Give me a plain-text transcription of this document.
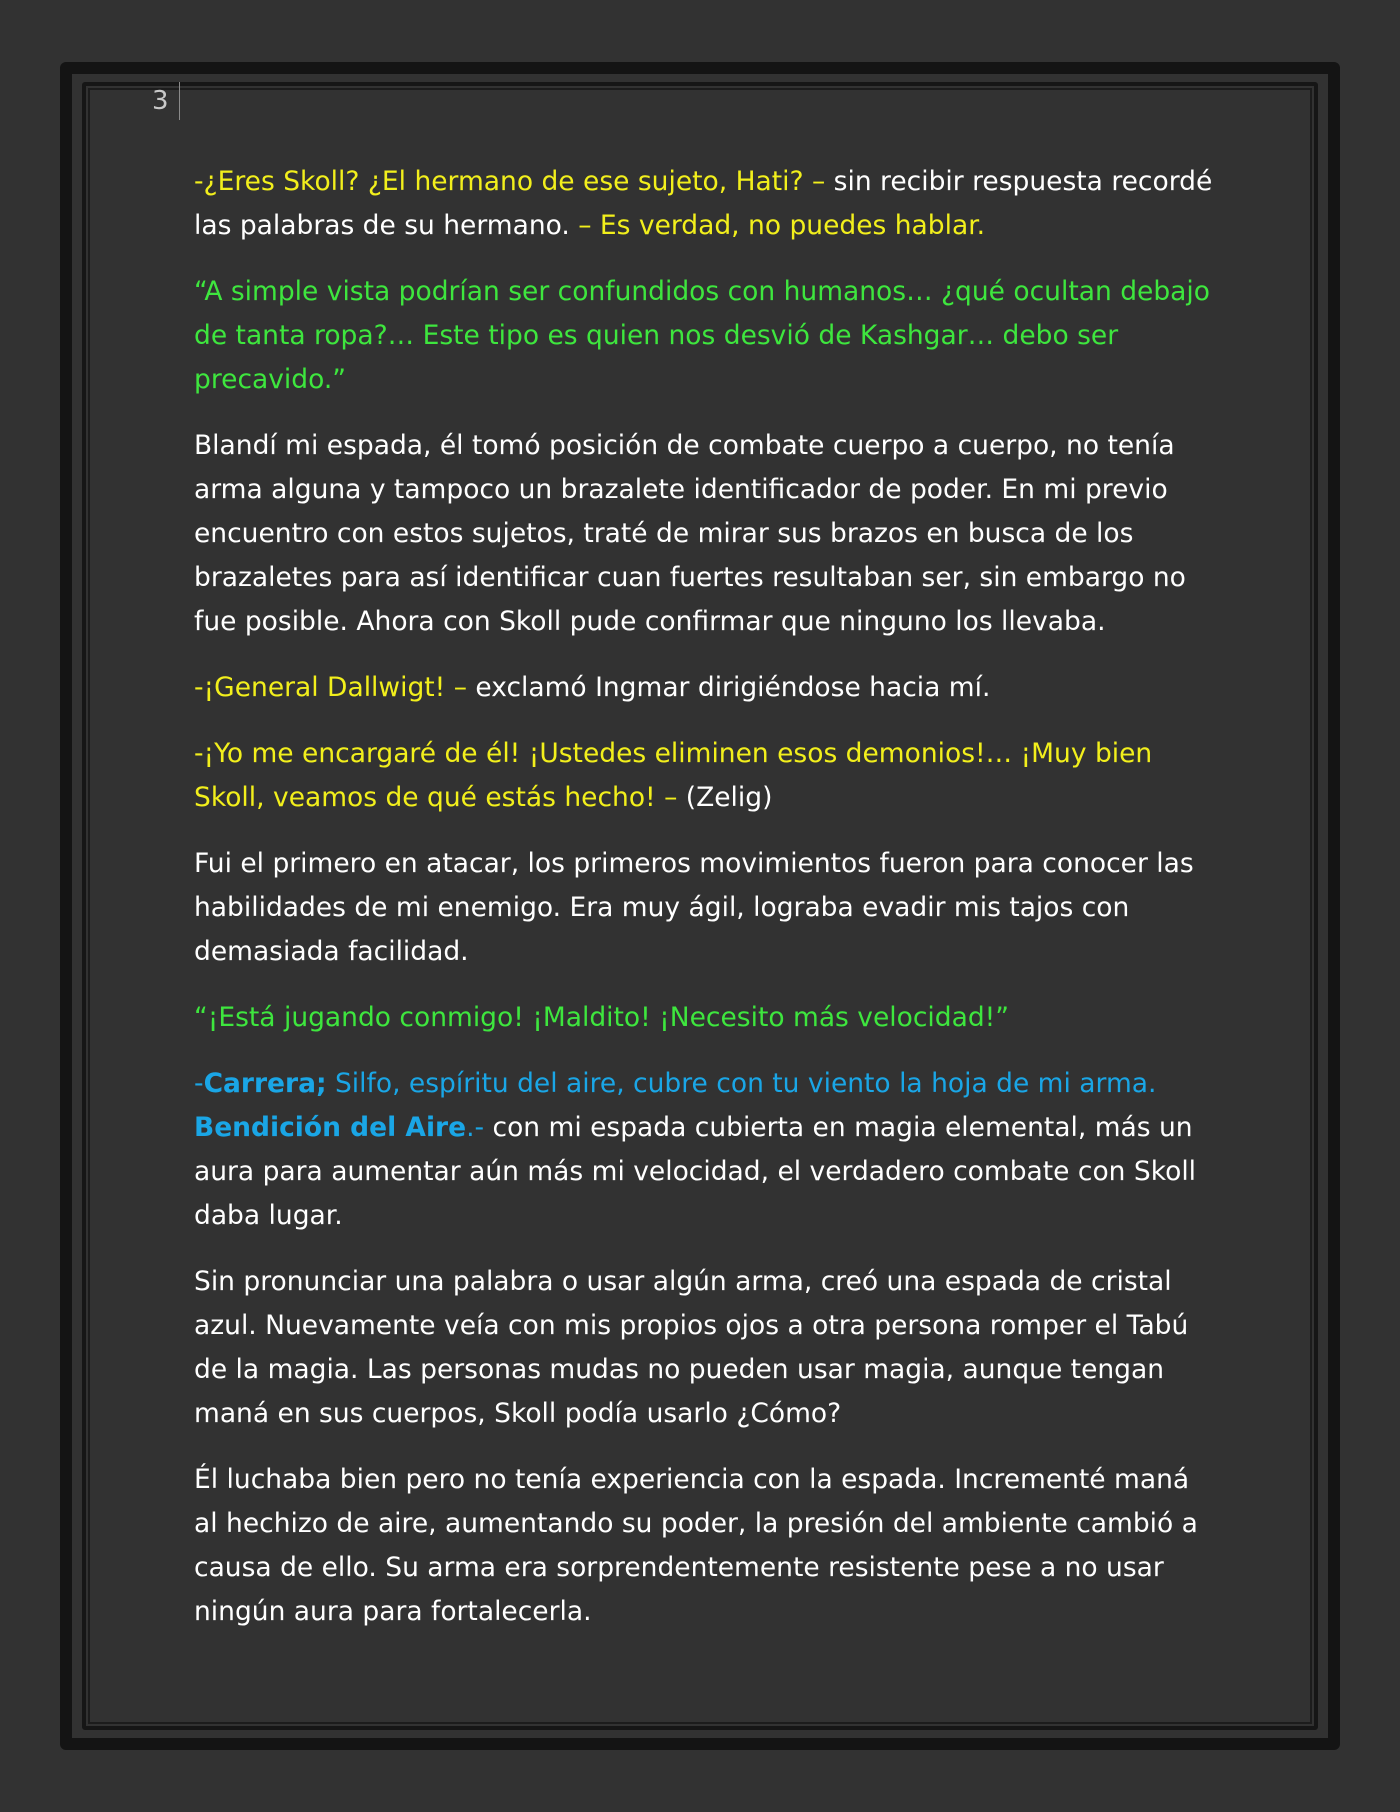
3

-¿Eres Skoll? ¿El hermano de ese sujeto, Hati? – sin recibir respuesta recordé las palabras de su hermano. – Es verdad, no puedes hablar.

“A simple vista podrían ser confundidos con humanos… ¿qué ocultan debajo de tanta ropa?… Este tipo es quien nos desvió de Kashgar… debo ser precavido.”

Blandí mi espada, él tomó posición de combate cuerpo a cuerpo, no tenía arma alguna y tampoco un brazalete identificador de poder. En mi previo encuentro con estos sujetos, traté de mirar sus brazos en busca de los brazaletes para así identificar cuan fuertes resultaban ser, sin embargo no fue posible. Ahora con Skoll pude confirmar que ninguno los llevaba.

-¡General Dallwigt! – exclamó Ingmar dirigiéndose hacia mí.

-¡Yo me encargaré de él! ¡Ustedes eliminen esos demonios!… ¡Muy bien Skoll, veamos de qué estás hecho! – (Zelig)

Fui el primero en atacar, los primeros movimientos fueron para conocer las habilidades de mi enemigo. Era muy ágil, lograba evadir mis tajos con demasiada facilidad.

“¡Está jugando conmigo! ¡Maldito! ¡Necesito más velocidad!”

-Carrera; Silfo, espíritu del aire, cubre con tu viento la hoja de mi arma. Bendición del Aire.- con mi espada cubierta en magia elemental, más un aura para aumentar aún más mi velocidad, el verdadero combate con Skoll daba lugar.

Sin pronunciar una palabra o usar algún arma, creó una espada de cristal azul. Nuevamente veía con mis propios ojos a otra persona romper el Tabú de la magia. Las personas mudas no pueden usar magia, aunque tengan maná en sus cuerpos, Skoll podía usarlo ¿Cómo?

Él luchaba bien pero no tenía experiencia con la espada. Incrementé maná al hechizo de aire, aumentando su poder, la presión del ambiente cambió a causa de ello. Su arma era sorprendentemente resistente pese a no usar ningún aura para fortalecerla.
